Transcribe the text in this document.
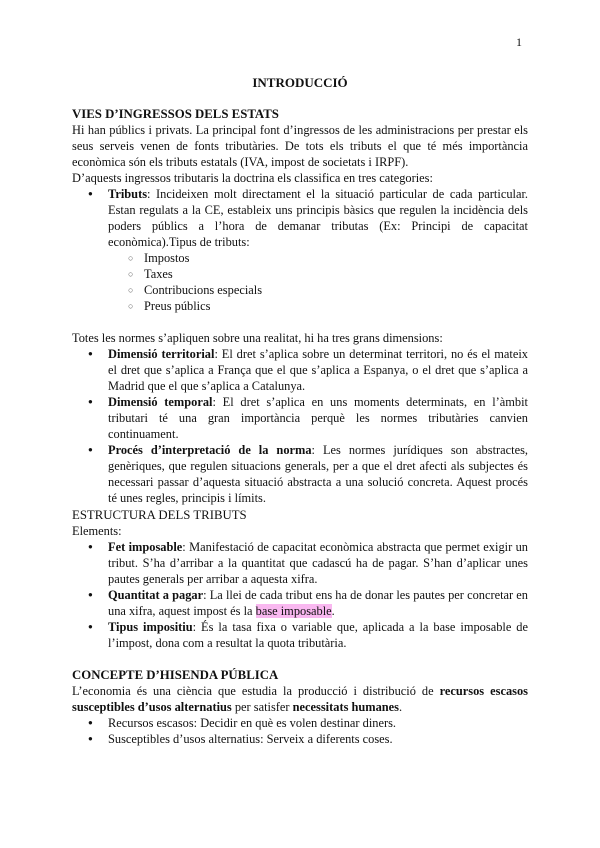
1
INTRODUCCIÓ
VIES D’INGRESSOS DELS ESTATS

Hi han públics i privats. La principal font d’ingressos de les administracions per prestar els seus serveis venen de fonts tributàries. De tots els tributs el que té més importància econòmica són els tributs estatals (IVA, impost de societats i IRPF).

D’aquests ingressos tributaris la doctrina els classifica en tres categories:

● Tributs: Incideixen molt directament el la situació particular de cada particular. Estan regulats a la CE, estableix uns principis bàsics que regulen la incidència dels poders públics a l’hora de demanar tributas (Ex: Principi de capacitat econòmica).Tipus de tributs:
○ Impostos
○ Taxes
○ Contribucions especials
○ Preus públics

Totes les normes s’apliquen sobre una realitat, hi ha tres grans dimensions:

● Dimensió territorial: El dret s’aplica sobre un determinat territori, no és el mateix el dret que s’aplica a França que el que s’aplica a Espanya, o el dret que s’aplica a Madrid que el que s’aplica a Catalunya.
● Dimensió temporal: El dret s’aplica en uns moments determinats, en l’àmbit tributari té una gran importància perquè les normes tributàries canvien continuament.
● Procés d’interpretació de la norma: Les normes jurídiques son abstractes, genèriques, que regulen situacions generals, per a que el dret afecti als subjectes és necessari passar d’aquesta situació abstracta a una solució concreta. Aquest procés té unes regles, principis i límits.
ESTRUCTURA DELS TRIBUTS

Elements:

● Fet imposable: Manifestació de capacitat econòmica abstracta que permet exigir un tribut. S’ha d’arribar a la quantitat que cadascú ha de pagar. S’han d’aplicar unes pautes generals per arribar a aquesta xifra.
● Quantitat a pagar: La llei de cada tribut ens ha de donar les pautes per concretar en una xifra, aquest impost és la base imposable.
● Tipus impositiu: És la tasa fixa o variable que, aplicada a la base imposable de l’impost, dona com a resultat la quota tributària.
CONCEPTE D’HISENDA PÚBLICA

L’economia és una ciència que estudia la producció i distribució de recursos escasos susceptibles d’usos alternatius per satisfer necessitats humanes.

● Recursos escasos: Decidir en què es volen destinar diners.
● Susceptibles d’usos alternatius: Serveix a diferents coses.
